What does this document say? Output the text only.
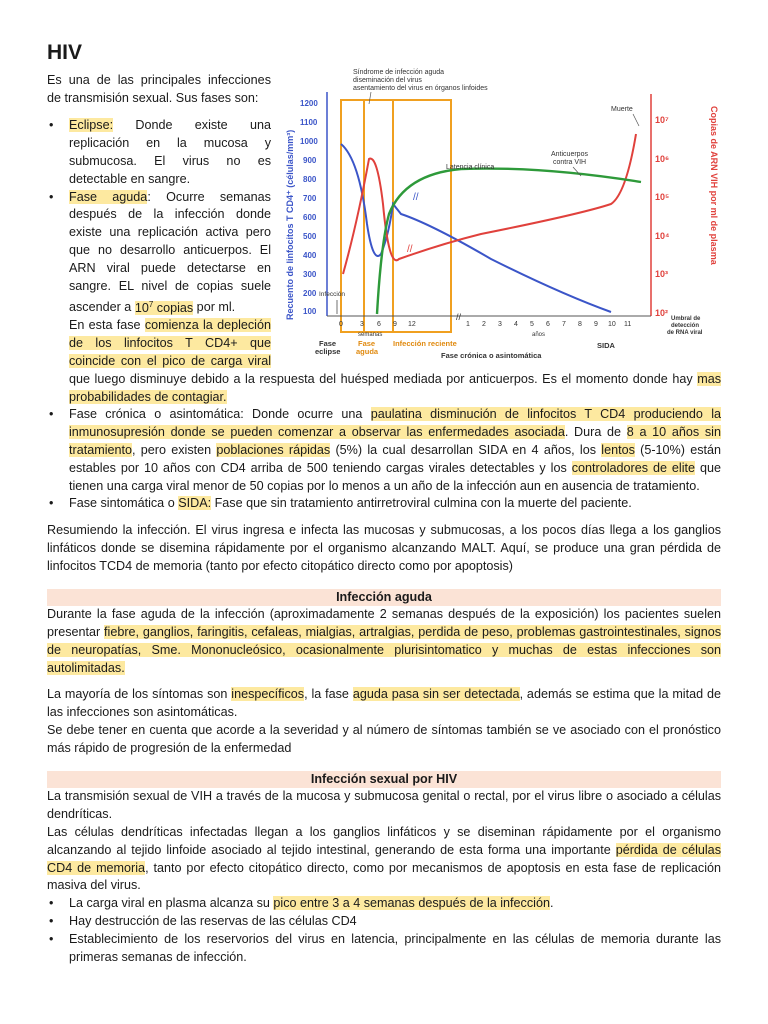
HIV
100
200
300
400
500
600
700
800
900
1000
1100
1200
10²
10³
10⁴
10⁵
10⁶
10⁷
Recuento de linfocitos T CD4⁺ (células/mm³)	Copias de ARN VIH por ml de plasma
0 3 6 9 12
semanas
1 2 3 4 5 6 7 8 9 10 11
años
//
//
//
Síndrome de infección aguda
diseminación del virus
asentamiento del virus en órganos linfoides
Muerte
Latencia clínica
Anticuerpos
contra VIH
Infección
Umbral de
detección
de RNA viral
Fase
eclipse
Fase
aguda
Infección reciente
Fase crónica o asintomática
SIDA

Es una de las principales infecciones de transmisión sexual. Sus fases son:

• Eclipse: Donde existe una replicación en la mucosa y submucosa. El virus no es detectable en sangre.
• Fase aguda: Ocurre semanas después de la infección donde existe una replicación activa pero que no desarrollo anticuerpos. El ARN viral puede detectarse en sangre. EL nivel de copias suele ascender a $10^7$ copias por ml.
En esta fase comienza la depleción de los linfocitos T CD4+ que coincide con el pico de carga viral que luego disminuye debido a la respuesta del huésped mediada por anticuerpos. Es el momento donde hay mas probabilidades de contagiar.
• Fase crónica o asintomática: Donde ocurre una paulatina disminución de linfocitos T CD4 produciendo la inmunosupresión donde se pueden comenzar a observar las enfermedades asociada. Dura de 8 a 10 años sin tratamiento, pero existen poblaciones rápidas (5%) la cual desarrollan SIDA en 4 años, los lentos (5-10%) están estables por 10 años con CD4 arriba de 500 teniendo cargas virales detectables y los controladores de elite que tienen una carga viral menor de 50 copias por lo menos a un año de la infección aun en ausencia de tratamiento.
• Fase sintomática o SIDA: Fase que sin tratamiento antirretroviral culmina con la muerte del paciente.

Resumiendo la infección. El virus ingresa e infecta las mucosas y submucosas, a los pocos días llega a los ganglios linfáticos donde se disemina rápidamente por el organismo alcanzando MALT. Aquí, se produce una gran pérdida de linfocitos TCD4 de memoria (tanto por efecto citopático directo como por apoptosis)

Infección aguda

Durante la fase aguda de la infección (aproximadamente 2 semanas después de la exposición) los pacientes suelen presentar fiebre, ganglios, faringitis, cefaleas, mialgias, artralgias, perdida de peso, problemas gastrointestinales, signos de neuropatías, Sme. Mononucleósico, ocasionalmente plurisintomatico y muchas de estas infecciones son autolimitadas.

La mayoría de los síntomas son inespecíficos, la fase aguda pasa sin ser detectada, además se estima que la mitad de las infecciones son asintomáticas.

Se debe tener en cuenta que acorde a la severidad y al número de síntomas también se ve asociado con el pronóstico más rápido de progresión de la enfermedad

Infección sexual por HIV

La transmisión sexual de VIH a través de la mucosa y submucosa genital o rectal, por el virus libre o asociado a células dendríticas.

Las células dendríticas infectadas llegan a los ganglios linfáticos y se diseminan rápidamente por el organismo alcanzando al tejido linfoide asociado al tejido intestinal, generando de esta forma una importante pérdida de células CD4 de memoria, tanto por efecto citopático directo, como por mecanismos de apoptosis en esta fase de replicación masiva del virus.

• La carga viral en plasma alcanza su pico entre 3 a 4 semanas después de la infección.
• Hay destrucción de las reservas de las células CD4
• Establecimiento de los reservorios del virus en latencia, principalmente en las células de memoria durante las primeras semanas de infección.
